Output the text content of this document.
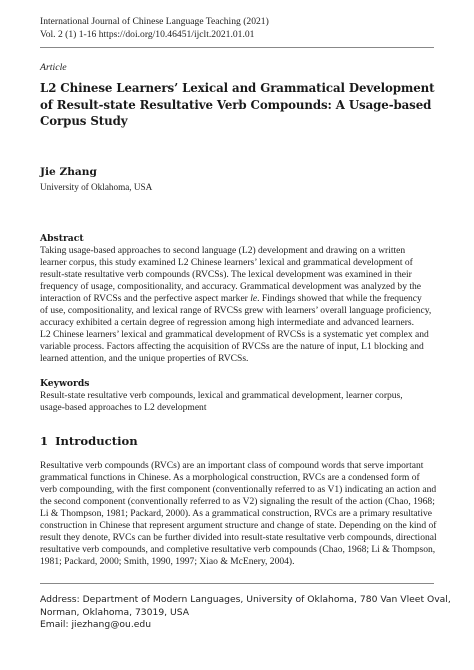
International Journal of Chinese Language Teaching (2021)
Vol. 2 (1) 1-16 https://doi.org/10.46451/ijclt.2021.01.01
Article
L2 Chinese Learners’ Lexical and Grammatical Development
of Result-state Resultative Verb Compounds: A Usage-based
Corpus Study
Jie Zhang
University of Oklahoma, USA
Abstract
Taking usage-based approaches to second language (L2) development and drawing on a written
learner corpus, this study examined L2 Chinese learners’ lexical and grammatical development of
result-state resultative verb compounds (RVCSs). The lexical development was examined in their
frequency of usage, compositionality, and accuracy. Grammatical development was analyzed by the
interaction of RVCSs and the perfective aspect marker le. Findings showed that while the frequency
of use, compositionality, and lexical range of RVCSs grew with learners’ overall language proficiency,
accuracy exhibited a certain degree of regression among high intermediate and advanced learners.
L2 Chinese learners’ lexical and grammatical development of RVCSs is a systematic yet complex and
variable process. Factors affecting the acquisition of RVCSs are the nature of input, L1 blocking and
learned attention, and the unique properties of RVCSs.
Keywords
Result-state resultative verb compounds, lexical and grammatical development, learner corpus,
usage-based approaches to L2 development
1 Introduction
Resultative verb compounds (RVCs) are an important class of compound words that serve important
grammatical functions in Chinese. As a morphological construction, RVCs are a condensed form of
verb compounding, with the first component (conventionally referred to as V1) indicating an action and
the second component (conventionally referred to as V2) signaling the result of the action (Chao, 1968;
Li & Thompson, 1981; Packard, 2000). As a grammatical construction, RVCs are a primary resultative
construction in Chinese that represent argument structure and change of state. Depending on the kind of
result they denote, RVCs can be further divided into result-state resultative verb compounds, directional
resultative verb compounds, and completive resultative verb compounds (Chao, 1968; Li & Thompson,
1981; Packard, 2000; Smith, 1990, 1997; Xiao & McEnery, 2004).
Address: Department of Modern Languages, University of Oklahoma, 780 Van Vleet Oval,
Norman, Oklahoma, 73019, USA
Email: jiezhang@ou.edu
